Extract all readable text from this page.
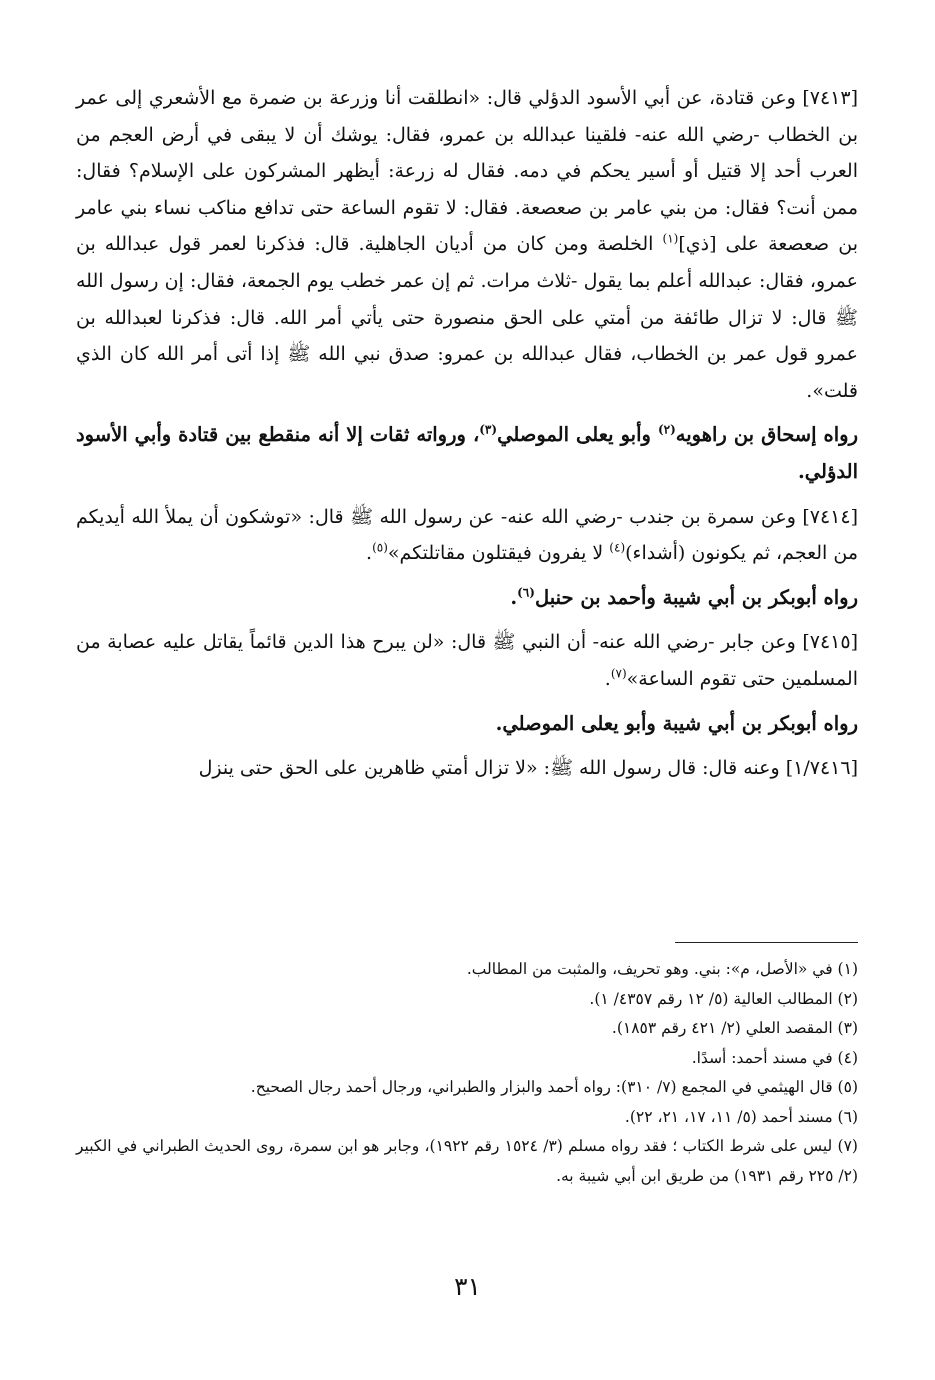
[٧٤١٣] وعن قتادة، عن أبي الأسود الدؤلي قال: «انطلقت أنا وزرعة بن ضمرة مع الأشعري إلى عمر بن الخطاب -رضي الله عنه- فلقينا عبدالله بن عمرو، فقال: يوشك أن لا يبقى في أرض العجم من العرب أحد إلا قتيل أو أسير يحكم في دمه. فقال له زرعة: أيظهر المشركون على الإسلام؟ فقال: ممن أنت؟ فقال: من بني عامر بن صعصعة. فقال: لا تقوم الساعة حتى تدافع مناكب نساء بني عامر بن صعصعة على [ذي]$^{(١)}$ الخلصة ومن كان من أديان الجاهلية. قال: فذكرنا لعمر قول عبدالله بن عمرو، فقال: عبدالله أعلم بما يقول -ثلاث مرات. ثم إن عمر خطب يوم الجمعة، فقال: إن رسول الله ﷺ قال: لا تزال طائفة من أمتي على الحق منصورة حتى يأتي أمر الله. قال: فذكرنا لعبدالله بن عمرو قول عمر بن الخطاب، فقال عبدالله بن عمرو: صدق نبي الله ﷺ إذا أتى أمر الله كان الذي قلت».

رواه إسحاق بن راهويه$^{(٢)}$ وأبو يعلى الموصلي$^{(٣)}$، ورواته ثقات إلا أنه منقطع بين قتادة وأبي الأسود الدؤلي.

[٧٤١٤] وعن سمرة بن جندب -رضي الله عنه- عن رسول الله ﷺ قال: «توشكون أن يملأ الله أيديكم من العجم، ثم يكونون (أشداء)$^{(٤)}$ لا يفرون فيقتلون مقاتلتكم»$^{(٥)}$.

رواه أبوبكر بن أبي شيبة وأحمد بن حنبل$^{(٦)}$.

[٧٤١٥] وعن جابر -رضي الله عنه- أن النبي ﷺ قال: «لن يبرح هذا الدين قائماً يقاتل عليه عصابة من المسلمين حتى تقوم الساعة»$^{(٧)}$.

رواه أبوبكر بن أبي شيبة وأبو يعلى الموصلي.

[١/٧٤١٦] وعنه قال: قال رسول الله ﷺ: «لا تزال أمتي ظاهرين على الحق حتى ينزل

(١) في «الأصل، م»: بني. وهو تحريف، والمثبت من المطالب.

(٢) المطالب العالية (٥/ ١٢ رقم ٤٣٥٧/ ١).

(٣) المقصد العلي (٢/ ٤٢١ رقم ١٨٥٣).

(٤) في مسند أحمد: أسدًا.

(٥) قال الهيثمي في المجمع (٧/ ٣١٠): رواه أحمد والبزار والطبراني، ورجال أحمد رجال الصحيح.

(٦) مسند أحمد (٥/ ١١، ١٧، ٢١، ٢٢).

(٧) ليس على شرط الكتاب ؛ فقد رواه مسلم (٣/ ١٥٢٤ رقم ١٩٢٢)، وجابر هو ابن سمرة، روى الحديث الطبراني في الكبير (٢/ ٢٢٥ رقم ١٩٣١) من طريق ابن أبي شيبة به.

٣١
